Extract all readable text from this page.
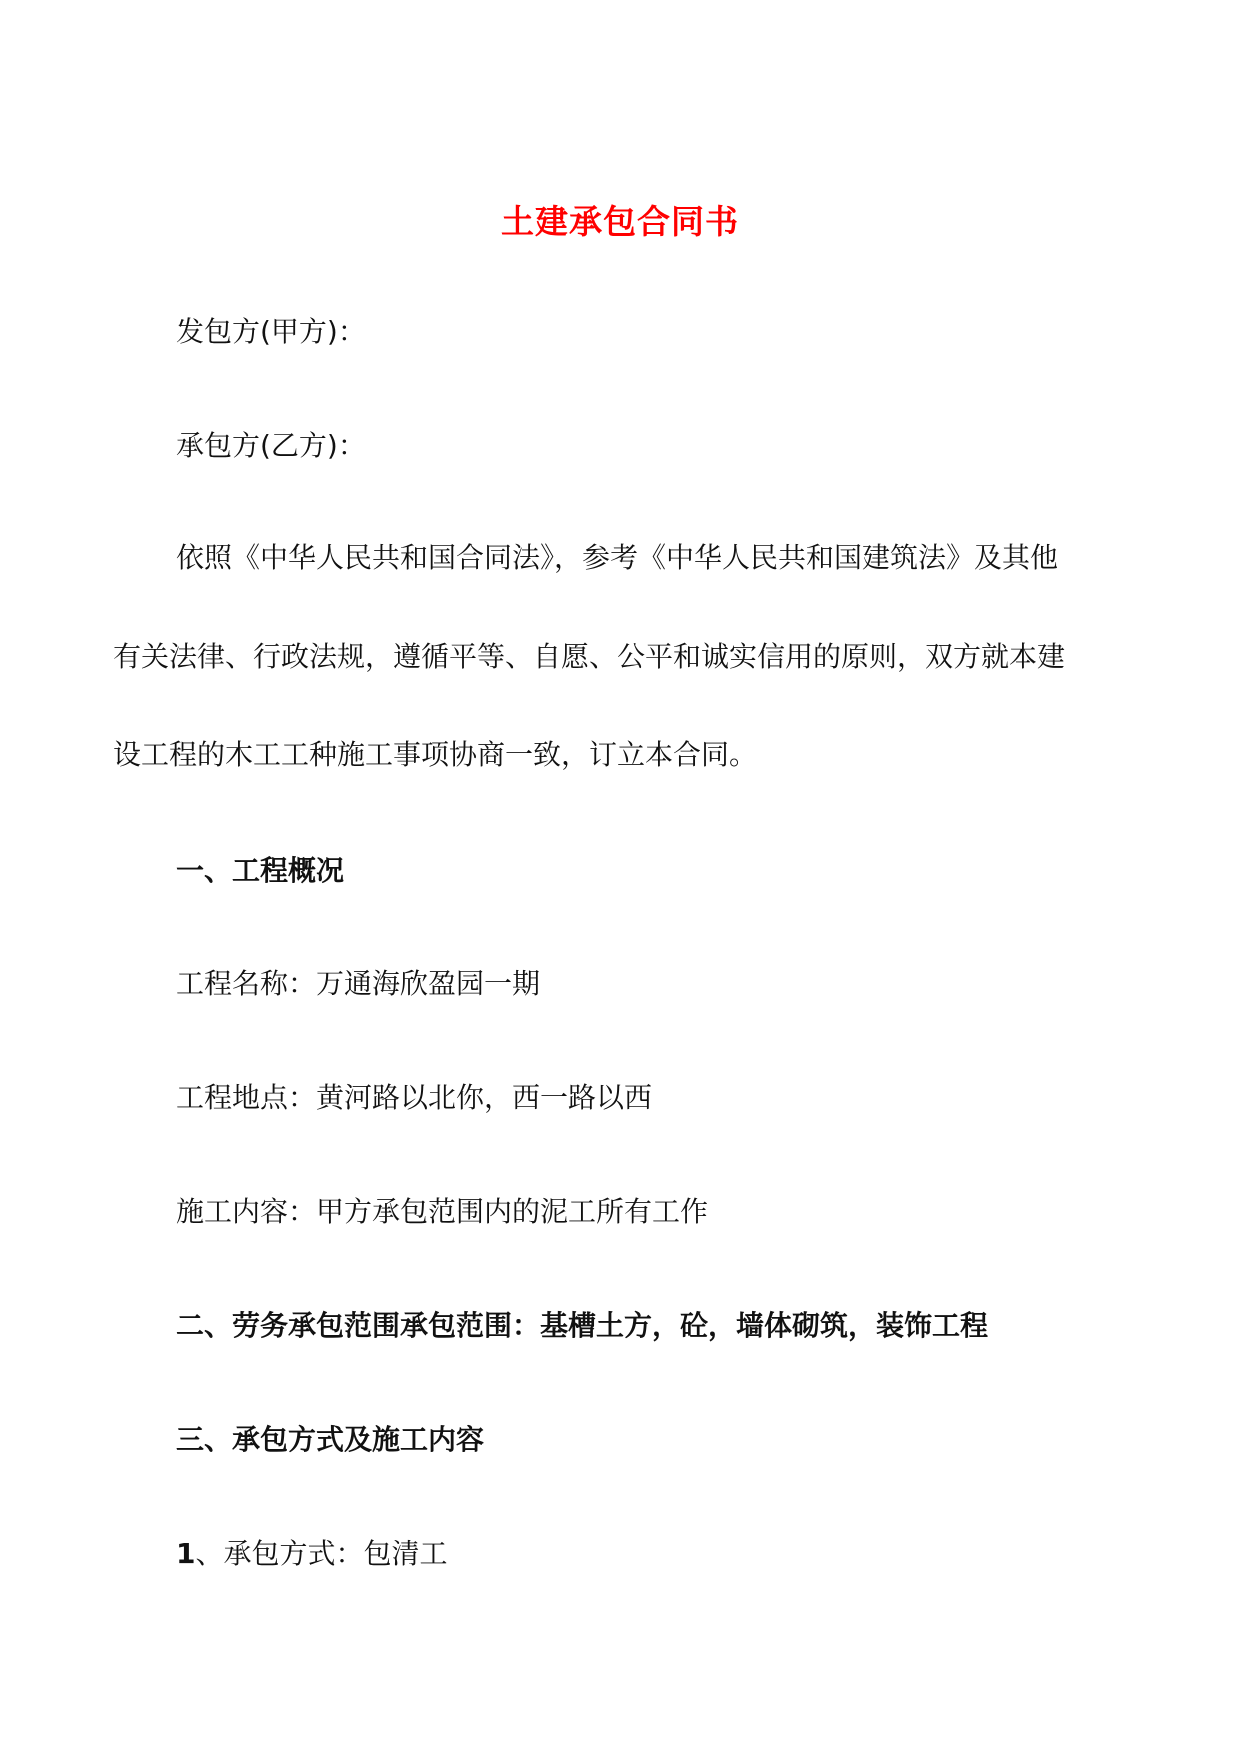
土建承包合同书
发包方(甲方)：
承包方(乙方)：
依照《中华人民共和国合同法》，参考《中华人民共和国建筑法》及其他
有关法律、行政法规，遵循平等、自愿、公平和诚实信用的原则，双方就本建
设工程的木工工种施工事项协商一致，订立本合同。
一、工程概况
工程名称：万通海欣盈园一期
工程地点：黄河路以北你，西一路以西
施工内容：甲方承包范围内的泥工所有工作
二、劳务承包范围承包范围：基槽土方，砼，墙体砌筑，装饰工程
三、承包方式及施工内容
1、承包方式：包清工
